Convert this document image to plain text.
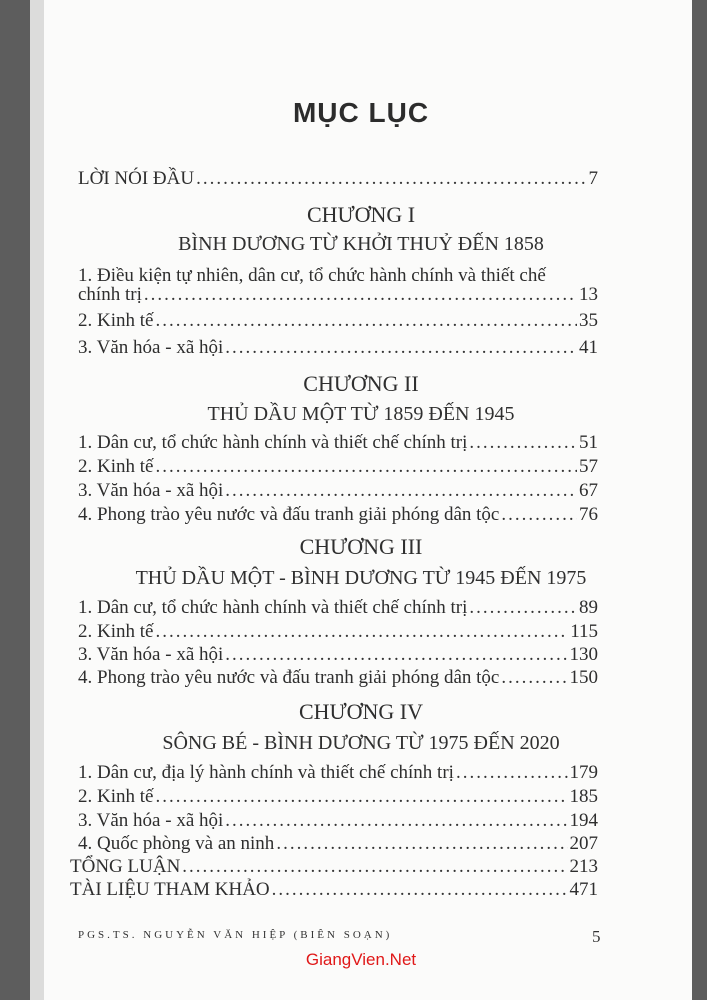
MỤC LỤC
LỜI NÓI ĐẦU .....	7
CHƯƠNG I
BÌNH DƯƠNG TỪ KHỞI THUỶ ĐẾN 1858
1. Điều kiện tự nhiên, dân cư, tổ chức hành chính và thiết chế
chính trị .....	13
2. Kinh tế .....	35
3. Văn hóa - xã hội .....	41
CHƯƠNG II
THỦ DẦU MỘT TỪ 1859 ĐẾN 1945
1. Dân cư, tổ chức hành chính và thiết chế chính trị .....	51
2. Kinh tế .....	57
3. Văn hóa - xã hội .....	67
4. Phong trào yêu nước và đấu tranh giải phóng dân tộc .....	76
CHƯƠNG III
THỦ DẦU MỘT - BÌNH DƯƠNG TỪ 1945 ĐẾN 1975
1. Dân cư, tổ chức hành chính và thiết chế chính trị .....	89
2. Kinh tế .....	115
3. Văn hóa - xã hội .....	130
4. Phong trào yêu nước và đấu tranh giải phóng dân tộc .....	150
CHƯƠNG IV
SÔNG BÉ - BÌNH DƯƠNG TỪ 1975 ĐẾN 2020
1. Dân cư, địa lý hành chính và thiết chế chính trị .....	179
2. Kinh tế .....	185
3. Văn hóa - xã hội .....	194
4. Quốc phòng và an ninh .....	207
TỔNG LUẬN .....	213
TÀI LIỆU THAM KHẢO .....	471
PGS.TS. NGUYỄN VĂN HIỆP (BIÊN SOẠN)	5
GiangVien.Net
